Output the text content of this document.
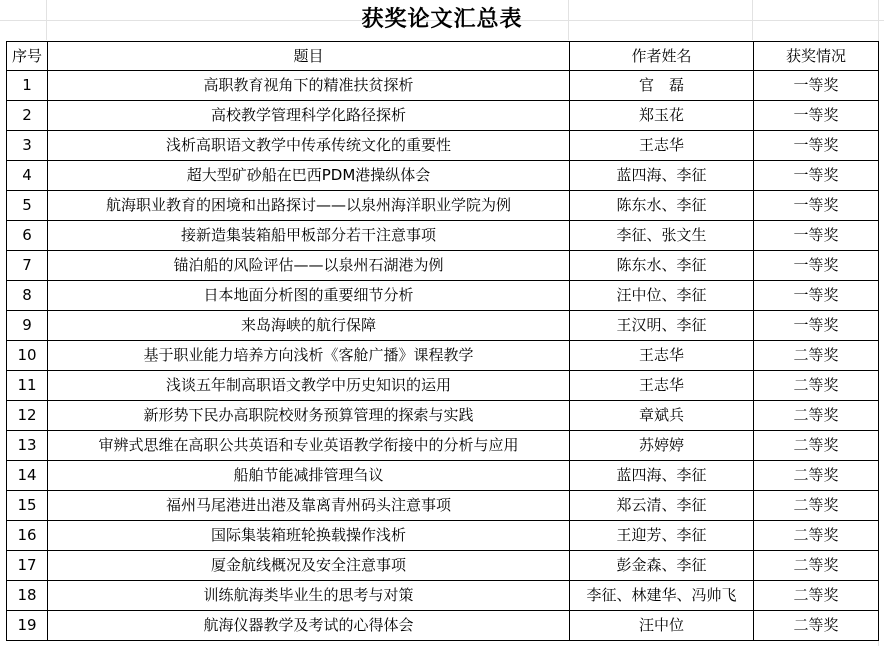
获奖论文汇总表
序号	题目	作者姓名	获奖情况
1	高职教育视角下的精准扶贫探析	官　磊	一等奖
2	高校教学管理科学化路径探析	郑玉花	一等奖
3	浅析高职语文教学中传承传统文化的重要性	王志华	一等奖
4	超大型矿砂船在巴西PDM港操纵体会	蓝四海、李征	一等奖
5	航海职业教育的困境和出路探讨——以泉州海洋职业学院为例	陈东水、李征	一等奖
6	接新造集装箱船甲板部分若干注意事项	李征、张文生	一等奖
7	锚泊船的风险评估——以泉州石湖港为例	陈东水、李征	一等奖
8	日本地面分析图的重要细节分析	汪中位、李征	一等奖
9	来岛海峡的航行保障	王汉明、李征	一等奖
10	基于职业能力培养方向浅析《客舱广播》课程教学	王志华	二等奖
11	浅谈五年制高职语文教学中历史知识的运用	王志华	二等奖
12	新形势下民办高职院校财务预算管理的探索与实践	章斌兵	二等奖
13	审辨式思维在高职公共英语和专业英语教学衔接中的分析与应用	苏婷婷	二等奖
14	船舶节能减排管理刍议	蓝四海、李征	二等奖
15	福州马尾港进出港及靠离青州码头注意事项	郑云清、李征	二等奖
16	国际集装箱班轮换载操作浅析	王迎芳、李征	二等奖
17	厦金航线概况及安全注意事项	彭金森、李征	二等奖
18	训练航海类毕业生的思考与对策	李征、林建华、冯帅飞	二等奖
19	航海仪器教学及考试的心得体会	汪中位	二等奖
